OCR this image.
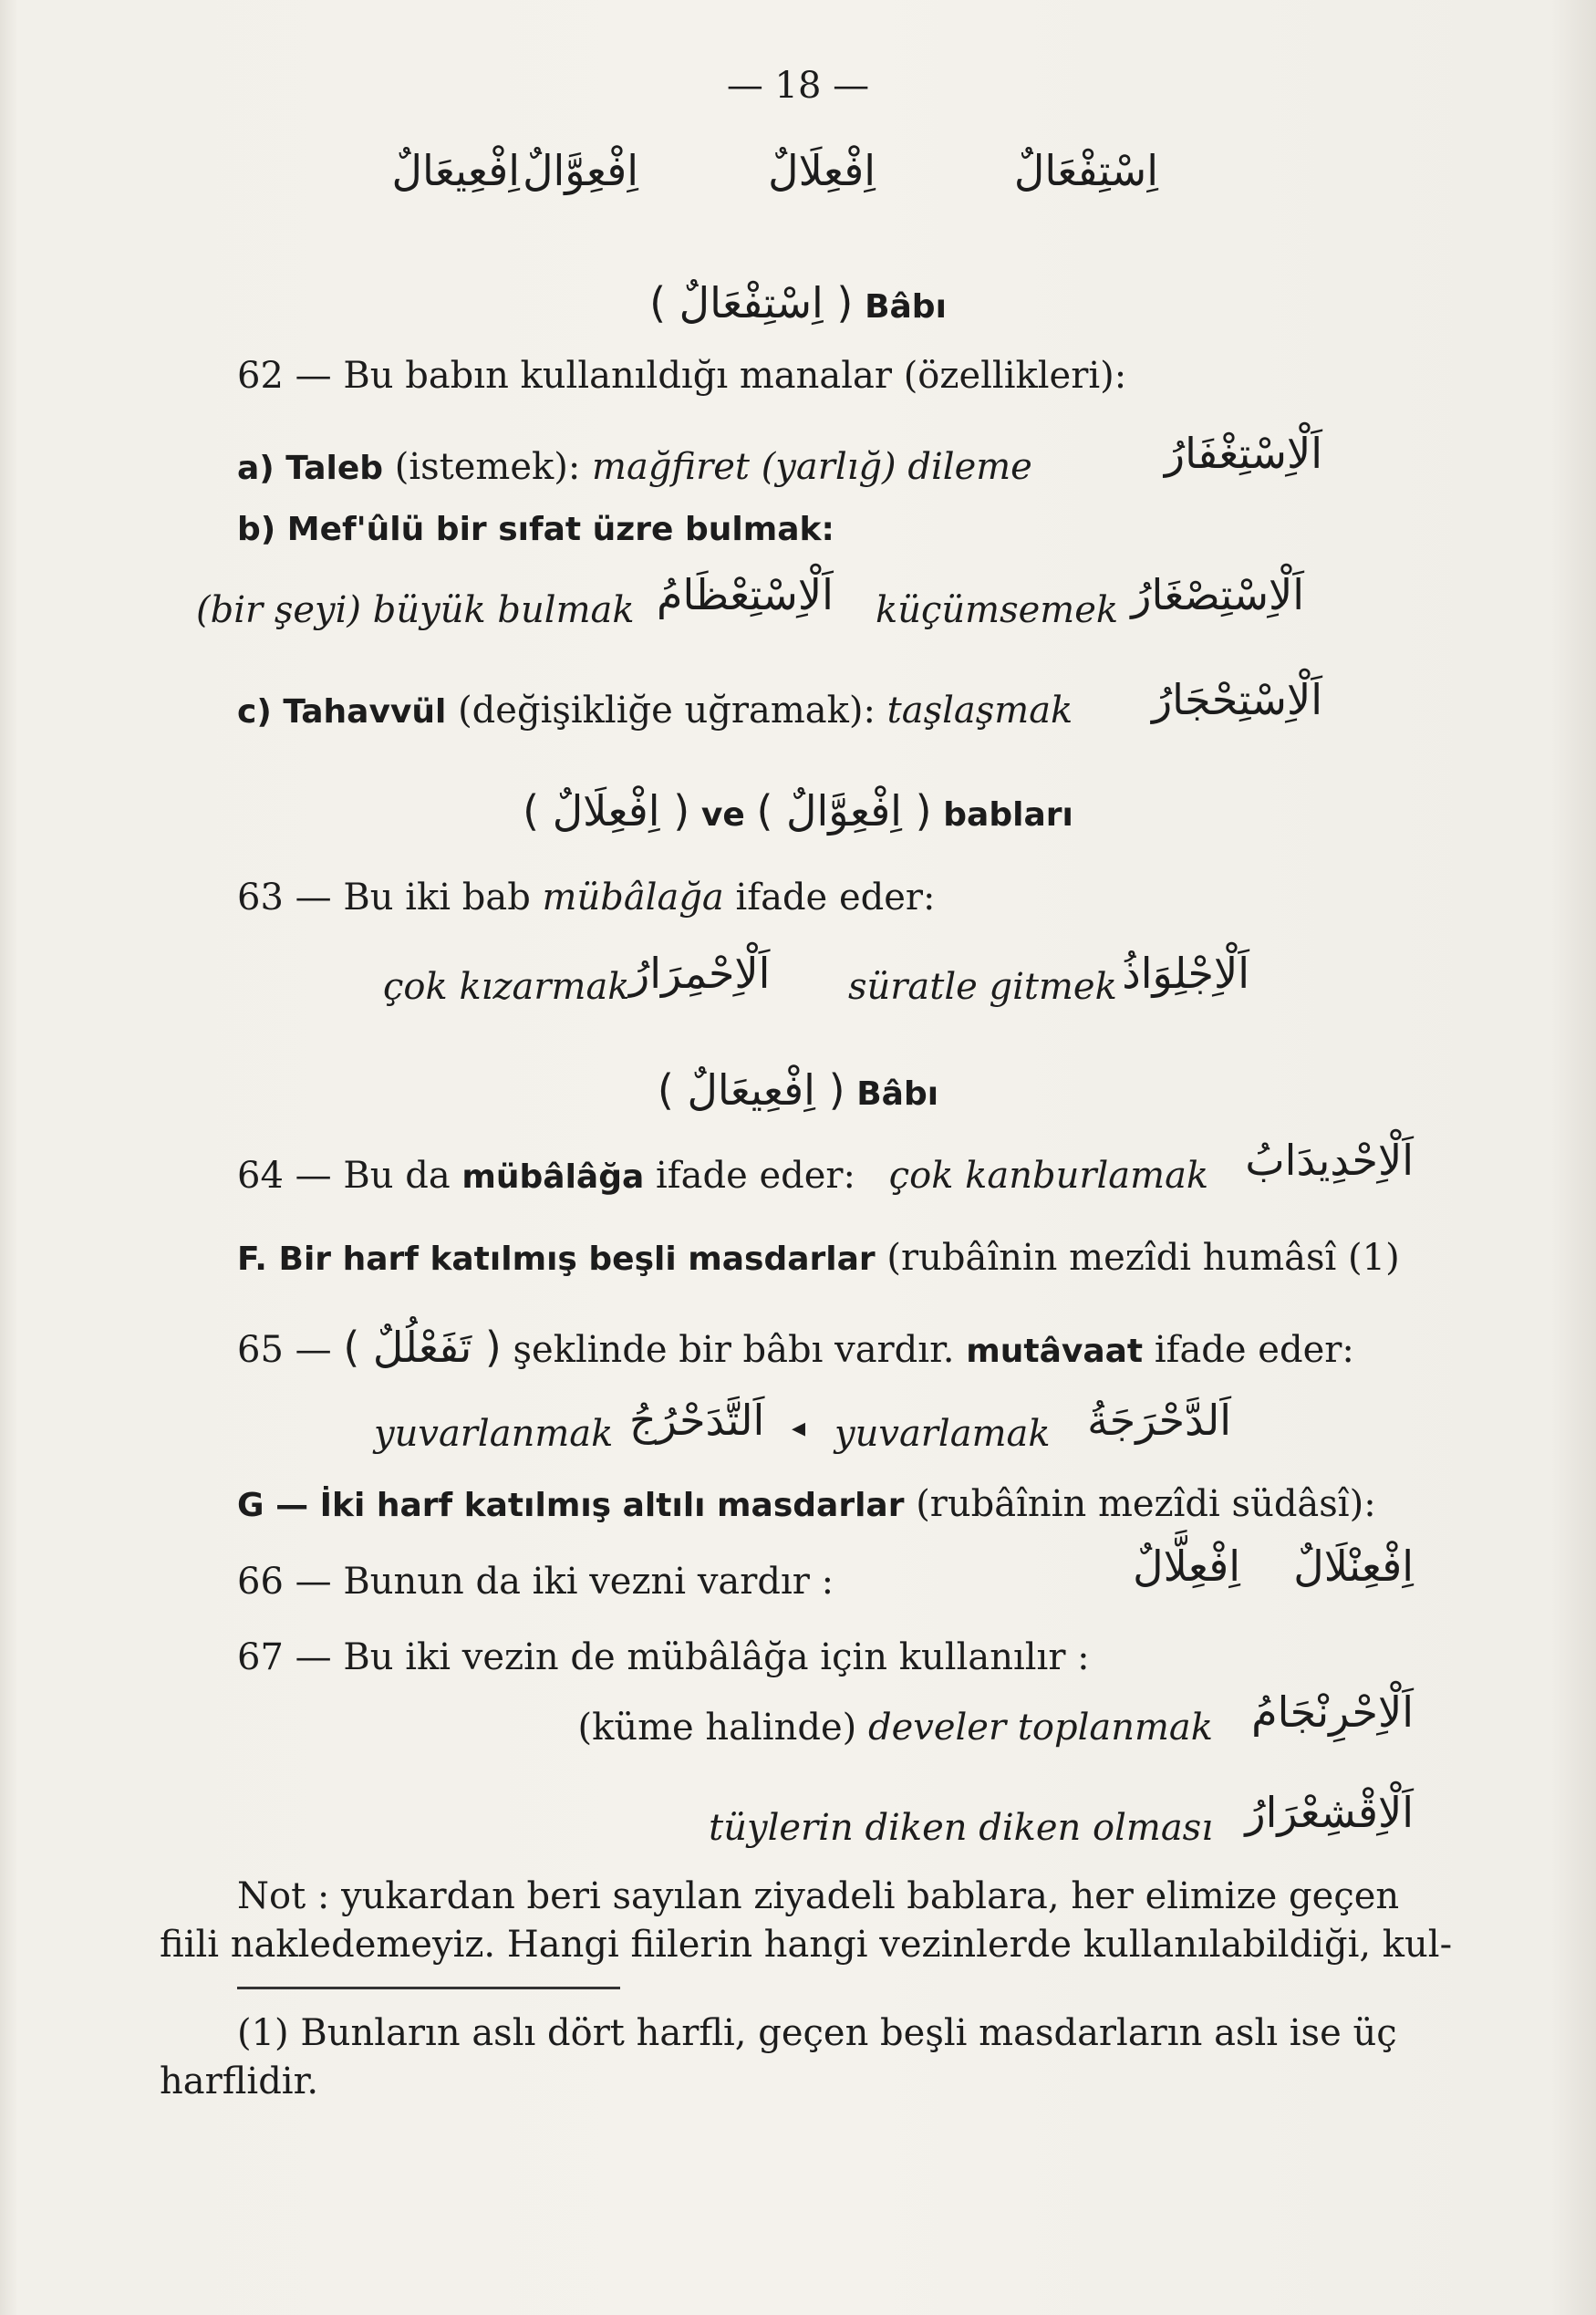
— 18 —
اِسْتِفْعَالٌ
اِفْعِلَالٌ
اِفْعِوَّالٌ
اِفْعِيعَالٌ
( اِسْتِفْعَالٌ ) Bâbı
62 — Bu babın kullanıldığı manalar (özellikleri):
a) Taleb (istemek): mağfiret (yarlığ) dileme	اَلْاِسْتِغْفَارُ
b) Mef'ûlü bir sıfat üzre bulmak:
(bir şeyi) büyük bulmak اَلْاِسْتِعْظَامُ küçümsemek اَلْاِسْتِصْغَارُ
c) Tahavvül (değişikliğe uğramak): taşlaşmak اَلْاِسْتِحْجَارُ
( اِفْعِلَالٌ ) ve ( اِفْعِوَّالٌ ) babları
63 — Bu iki bab mübâlağa ifade eder:
çok kızarmak اَلْاِحْمِرَارُ süratle gitmek اَلْاِجْلِوَاذُ
( اِفْعِيعَالٌ ) Bâbı
64 — Bu da mübâlâğa ifade eder: çok kanburlamak اَلْاِحْدِيدَابُ
F. Bir harf katılmış beşli masdarlar (rubâînin mezîdi humâsî (1)
65 — ( تَفَعْلُلٌ ) şeklinde bir bâbı vardır. mutâvaat ifade eder:
yuvarlanmak اَلتَّدَحْرُجُ ◂ yuvarlamak اَلدَّحْرَجَةُ
G — İki harf katılmış altılı masdarlar (rubâînin mezîdi südâsî):
66 — Bunun da iki vezni vardır :	اِفْعِنْلَالٌ
اِفْعِلَّالٌ
67 — Bu iki vezin de mübâlâğa için kullanılır :
(küme halinde) develer toplanmak اَلْاِحْرِنْجَامُ
tüylerin diken diken olması اَلْاِقْشِعْرَارُ
Not : yukardan beri sayılan ziyadeli bablara, her elimize geçen
fiili nakledemeyiz. Hangi fiilerin hangi vezinlerde kullanılabildiği, kul-
(1) Bunların aslı dört harfli, geçen beşli masdarların aslı ise üç
harflidir.
